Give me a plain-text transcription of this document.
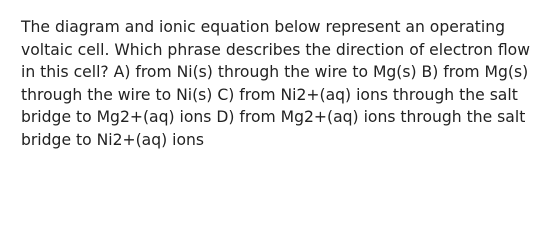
The diagram and ionic equation below represent an operating
voltaic cell. Which phrase describes the direction of electron flow
in this cell? A) from Ni(s) through the wire to Mg(s) B) from Mg(s)
through the wire to Ni(s) C) from Ni2+(aq) ions through the salt
bridge to Mg2+(aq) ions D) from Mg2+(aq) ions through the salt
bridge to Ni2+(aq) ions
